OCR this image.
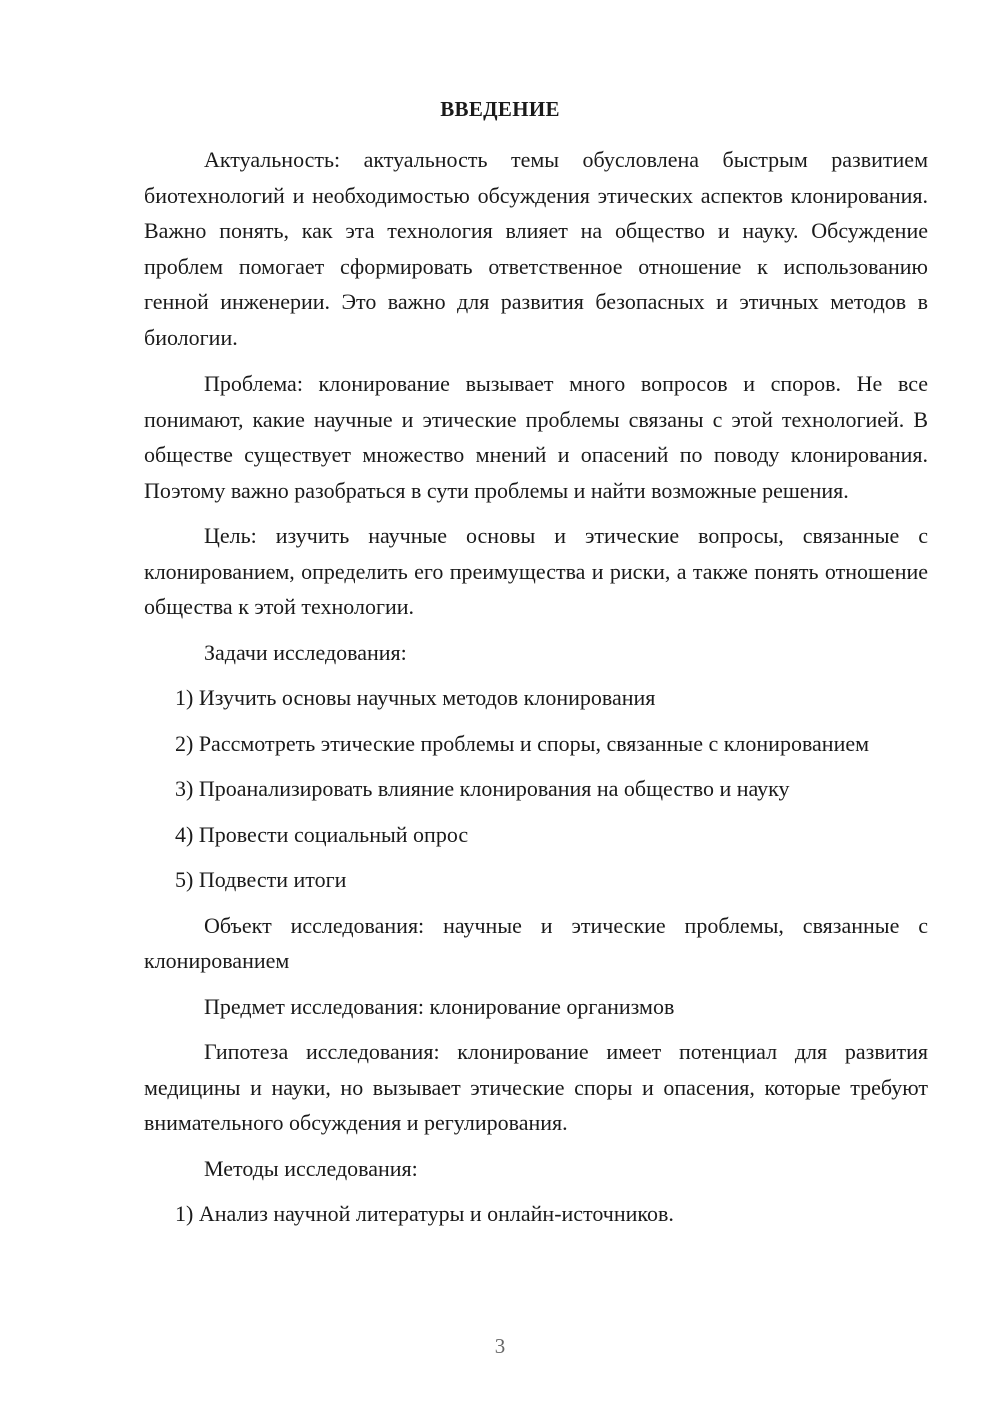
ВВЕДЕНИЕ

Актуальность: актуальность темы обусловлена быстрым развитием биотехнологий и необходимостью обсуждения этических аспектов клонирования. Важно понять, как эта технология влияет на общество и науку. Обсуждение проблем помогает сформировать ответственное отношение к использованию генной инженерии. Это важно для развития безопасных и этичных методов в биологии.

Проблема: клонирование вызывает много вопросов и споров. Не все понимают, какие научные и этические проблемы связаны с этой технологией. В обществе существует множество мнений и опасений по поводу клонирования. Поэтому важно разобраться в сути проблемы и найти возможные решения.

Цель: изучить научные основы и этические вопросы, связанные с клонированием, определить его преимущества и риски, а также понять отношение общества к этой технологии.

Задачи исследования:

1) Изучить основы научных методов клонирования

2) Рассмотреть этические проблемы и споры, связанные с клонированием

3) Проанализировать влияние клонирования на общество и науку

4) Провести социальный опрос

5) Подвести итоги

Объект исследования: научные и этические проблемы, связанные с клонированием

Предмет исследования: клонирование организмов

Гипотеза исследования: клонирование имеет потенциал для развития медицины и науки, но вызывает этические споры и опасения, которые требуют внимательного обсуждения и регулирования.

Методы исследования:

1) Анализ научной литературы и онлайн-источников.

3
